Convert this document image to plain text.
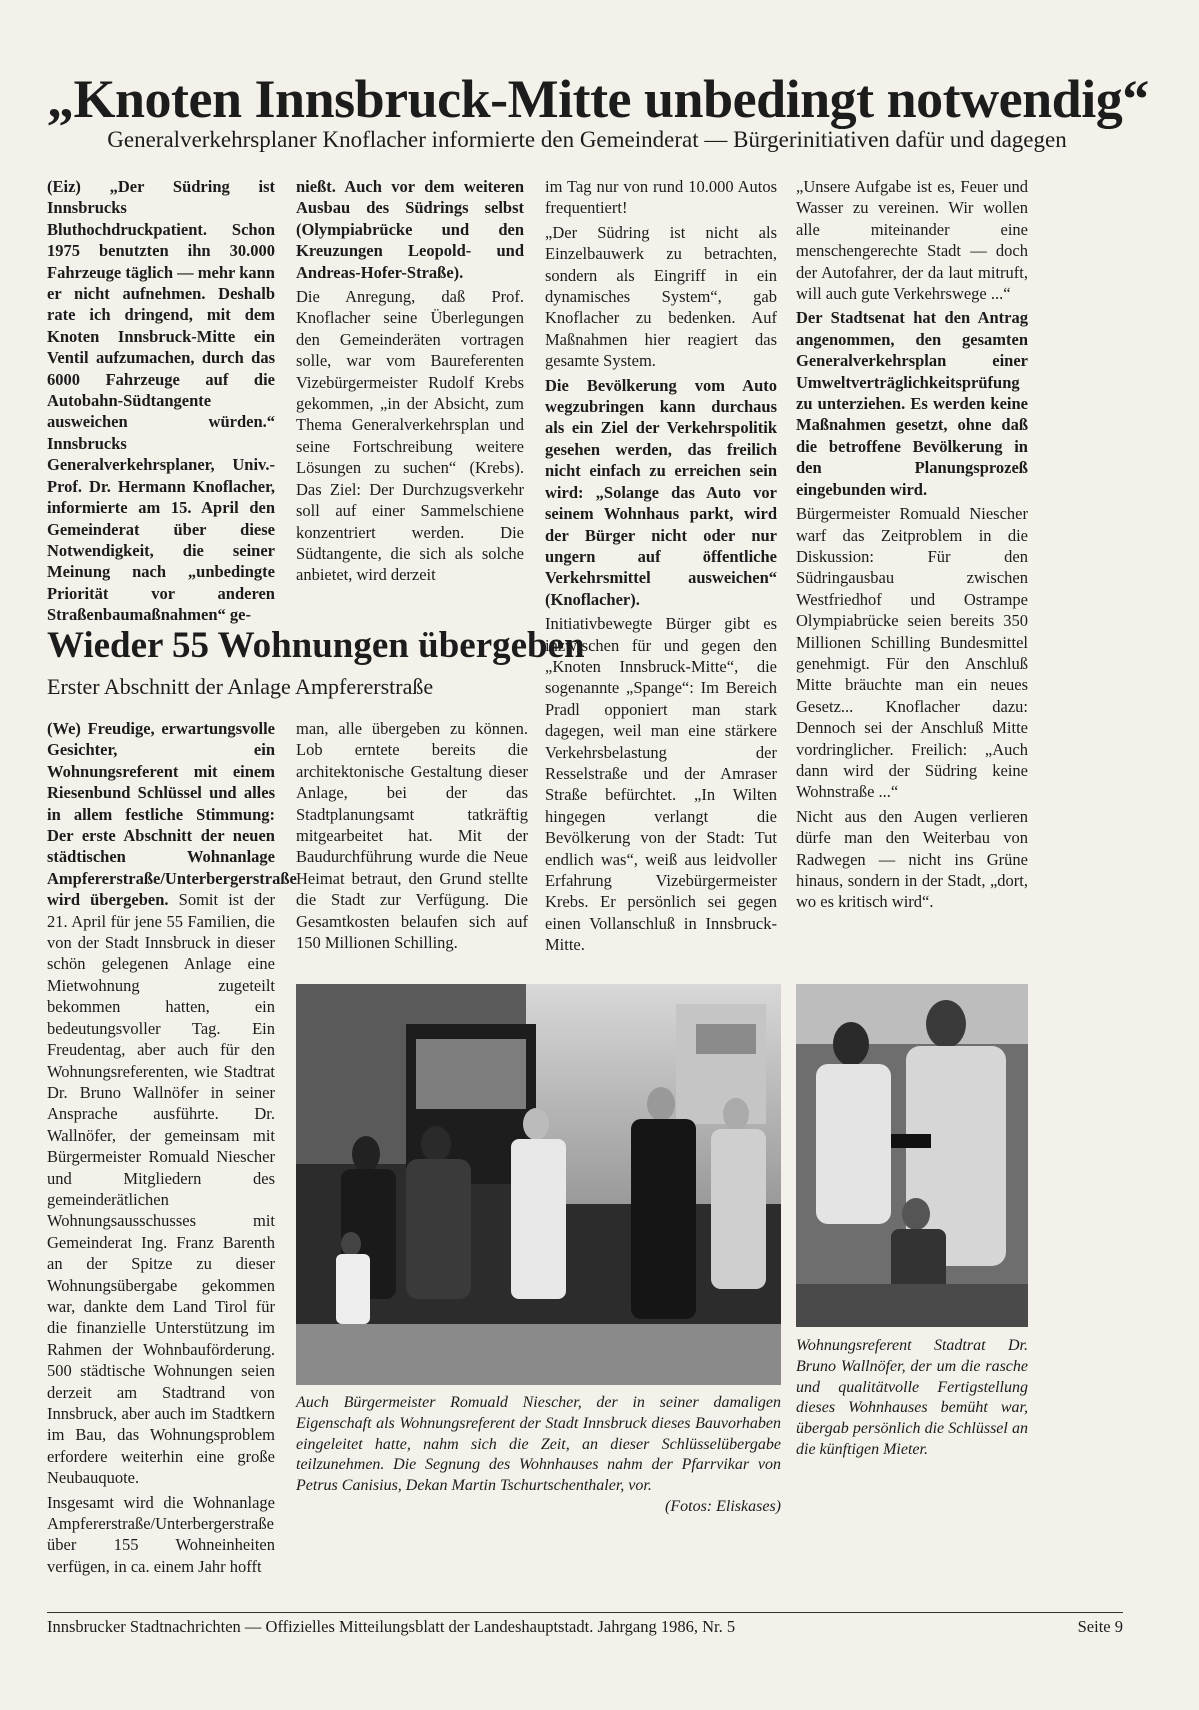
„Knoten Innsbruck-Mitte unbedingt notwendig“
Generalverkehrsplaner Knoflacher informierte den Gemeinderat — Bürgerinitiativen dafür und dagegen

(Eiz) „Der Südring ist Innsbrucks Bluthochdruckpatient. Schon 1975 benutzten ihn 30.000 Fahrzeuge täglich — mehr kann er nicht aufnehmen. Deshalb rate ich dringend, mit dem Knoten Innsbruck-Mitte ein Ventil aufzumachen, durch das 6000 Fahrzeuge auf die Autobahn-Südtangente ausweichen würden.“ Innsbrucks Generalverkehrsplaner, Univ.-Prof. Dr. Hermann Knoflacher, informierte am 15. April den Gemeinderat über diese Notwendigkeit, die seiner Meinung nach „unbedingte Priorität vor anderen Straßenbaumaßnahmen“ ge-

nießt. Auch vor dem weiteren Ausbau des Südrings selbst (Olympiabrücke und den Kreuzungen Leopold- und Andreas-Hofer-Straße).

Die Anregung, daß Prof. Knoflacher seine Überlegungen den Gemeinderäten vortragen solle, war vom Baureferenten Vizebürgermeister Rudolf Krebs gekommen, „in der Absicht, zum Thema Generalverkehrsplan und seine Fortschreibung weitere Lösungen zu suchen“ (Krebs). Das Ziel: Der Durchzugsverkehr soll auf einer Sammelschiene konzentriert werden. Die Südtangente, die sich als solche anbietet, wird derzeit

im Tag nur von rund 10.000 Autos frequentiert!

„Der Südring ist nicht als Einzelbauwerk zu betrachten, sondern als Eingriff in ein dynamisches System“, gab Knoflacher zu bedenken. Auf Maßnahmen hier reagiert das gesamte System.

Die Bevölkerung vom Auto wegzubringen kann durchaus als ein Ziel der Verkehrspolitik gesehen werden, das freilich nicht einfach zu erreichen sein wird: „Solange das Auto vor seinem Wohnhaus parkt, wird der Bürger nicht oder nur ungern auf öffentliche Verkehrsmittel ausweichen“ (Knoflacher).

Initiativbewegte Bürger gibt es inzwischen für und gegen den „Knoten Innsbruck-Mitte“, die sogenannte „Spange“: Im Bereich Pradl opponiert man stark dagegen, weil man eine stärkere Verkehrsbelastung der Resselstraße und der Amraser Straße befürchtet. „In Wilten hingegen verlangt die Bevölkerung von der Stadt: Tut endlich was“, weiß aus leidvoller Erfahrung Vizebürgermeister Krebs. Er persönlich sei gegen einen Vollanschluß in Innsbruck-Mitte.

„Unsere Aufgabe ist es, Feuer und Wasser zu vereinen. Wir wollen alle miteinander eine menschengerechte Stadt — doch der Autofahrer, der da laut mitruft, will auch gute Verkehrswege ...“

Der Stadtsenat hat den Antrag angenommen, den gesamten Generalverkehrsplan einer Umweltverträglichkeitsprüfung zu unterziehen. Es werden keine Maßnahmen gesetzt, ohne daß die betroffene Bevölkerung in den Planungsprozeß eingebunden wird.

Bürgermeister Romuald Niescher warf das Zeitproblem in die Diskussion: Für den Südringausbau zwischen Westfriedhof und Ostrampe Olympiabrücke seien bereits 350 Millionen Schilling Bundesmittel genehmigt. Für den Anschluß Mitte bräuchte man ein neues Gesetz... Knoflacher dazu: Dennoch sei der Anschluß Mitte vordringlicher. Freilich: „Auch dann wird der Südring keine Wohnstraße ...“

Nicht aus den Augen verlieren dürfe man den Weiterbau von Radwegen — nicht ins Grüne hinaus, sondern in der Stadt, „dort, wo es kritisch wird“.

Wieder 55 Wohnungen übergeben
Erster Abschnitt der Anlage Ampfererstraße

(We) Freudige, erwartungsvolle Gesichter, ein Wohnungsreferent mit einem Riesenbund Schlüssel und alles in allem festliche Stimmung: Der erste Abschnitt der neuen städtischen Wohnanlage Ampfererstraße/Unterbergerstraße wird übergeben. Somit ist der 21. April für jene 55 Familien, die von der Stadt Innsbruck in dieser schön gelegenen Anlage eine Mietwohnung zugeteilt bekommen hatten, ein bedeutungsvoller Tag. Ein Freudentag, aber auch für den Wohnungsreferenten, wie Stadtrat Dr. Bruno Wallnöfer in seiner Ansprache ausführte. Dr. Wallnöfer, der gemeinsam mit Bürgermeister Romuald Niescher und Mitgliedern des gemeinderätlichen Wohnungsausschusses mit Gemeinderat Ing. Franz Barenth an der Spitze zu dieser Wohnungsübergabe gekommen war, dankte dem Land Tirol für die finanzielle Unterstützung im Rahmen der Wohnbauförderung. 500 städtische Wohnungen seien derzeit am Stadtrand von Innsbruck, aber auch im Stadtkern im Bau, das Wohnungsproblem erfordere weiterhin eine große Neubauquote.

Insgesamt wird die Wohnanlage Ampfererstraße/Unterbergerstraße über 155 Wohneinheiten verfügen, in ca. einem Jahr hofft

man, alle übergeben zu können. Lob erntete bereits die architektonische Gestaltung dieser Anlage, bei der das Stadtplanungsamt tatkräftig mitgearbeitet hat. Mit der Baudurchführung wurde die Neue Heimat betraut, den Grund stellte die Stadt zur Verfügung. Die Gesamtkosten belaufen sich auf 150 Millionen Schilling.

Auch Bürgermeister Romuald Niescher, der in seiner damaligen Eigenschaft als Wohnungsreferent der Stadt Innsbruck dieses Bauvorhaben eingeleitet hatte, nahm sich die Zeit, an dieser Schlüsselübergabe teilzunehmen. Die Segnung des Wohnhauses nahm der Pfarrvikar von Petrus Canisius, Dekan Martin Tschurtschenthaler, vor.
(Fotos: Eliskases)
Wohnungsreferent Stadtrat Dr. Bruno Wallnöfer, der um die rasche und qualitätvolle Fertigstellung dieses Wohnhauses bemüht war, übergab persönlich die Schlüssel an die künftigen Mieter.
Innsbrucker Stadtnachrichten — Offizielles Mitteilungsblatt der Landeshauptstadt. Jahrgang 1986, Nr. 5	Seite 9
